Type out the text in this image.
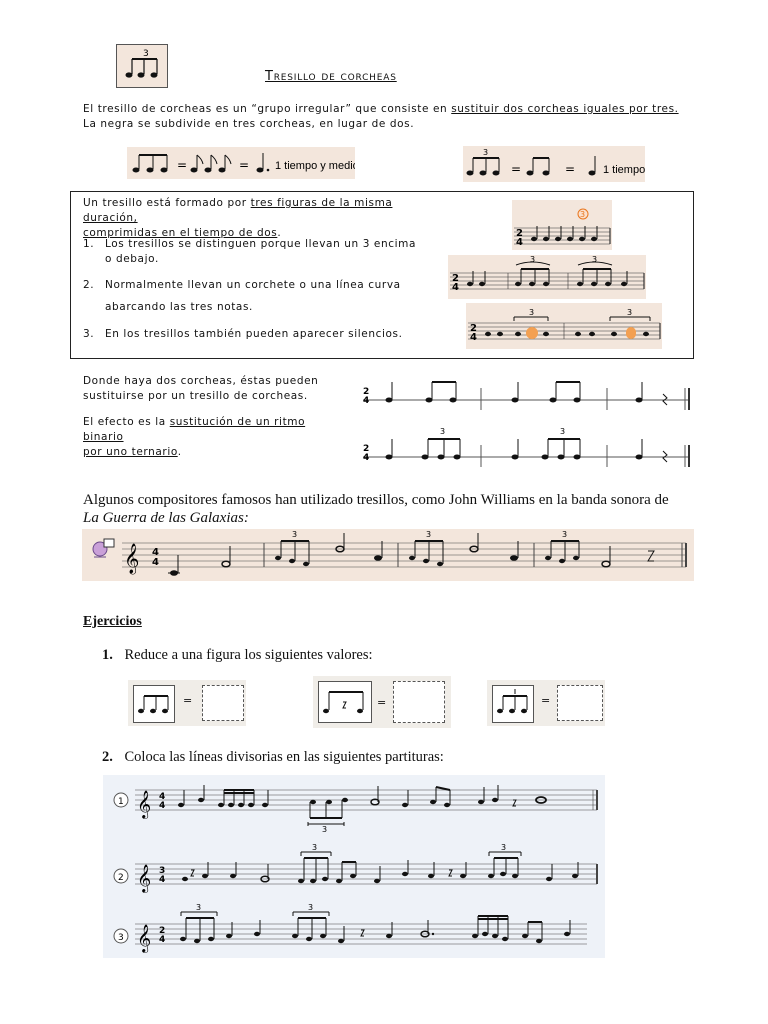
3
Tresillo de corcheas
El tresillo de corcheas es un “grupo irregular” que consiste en sustituir dos corcheas iguales por tres.
La negra se subdivide en tres corcheas, en lugar de dos.
=	= 1 tiempo y medio
3
=	=	1 tiempo
Un tresillo está formado por tres figuras de la misma duración,
comprimidas en el tiempo de dos.
1. Los tresillos se distinguen porque llevan un 3 encima o debajo.
2. Normalmente llevan un corchete o una línea curva
abarcando las tres notas.
3. En los tresillos también pueden aparecer silencios.
2
4
3
2
4
3	3
2
4
3	3
Donde haya dos corcheas, éstas pueden sustituirse por un tresillo de corcheas.
El efecto es la sustitución de un ritmo binario
por uno ternario.
2
4
2
4
3	3
Algunos compositores famosos han utilizado tresillos, como John Williams en la banda sonora de
La Guerra de las Galaxias:
𝄞 4
4
3	3	3
Ejercicios
1. Reduce a una figura los siguientes valores:
=	=	=
2. Coloca las líneas divisorias en las siguientes partituras:
1 𝄞 4
4
3
2 𝄞 3
4
3	3
3 𝄞 2
4
3	3
